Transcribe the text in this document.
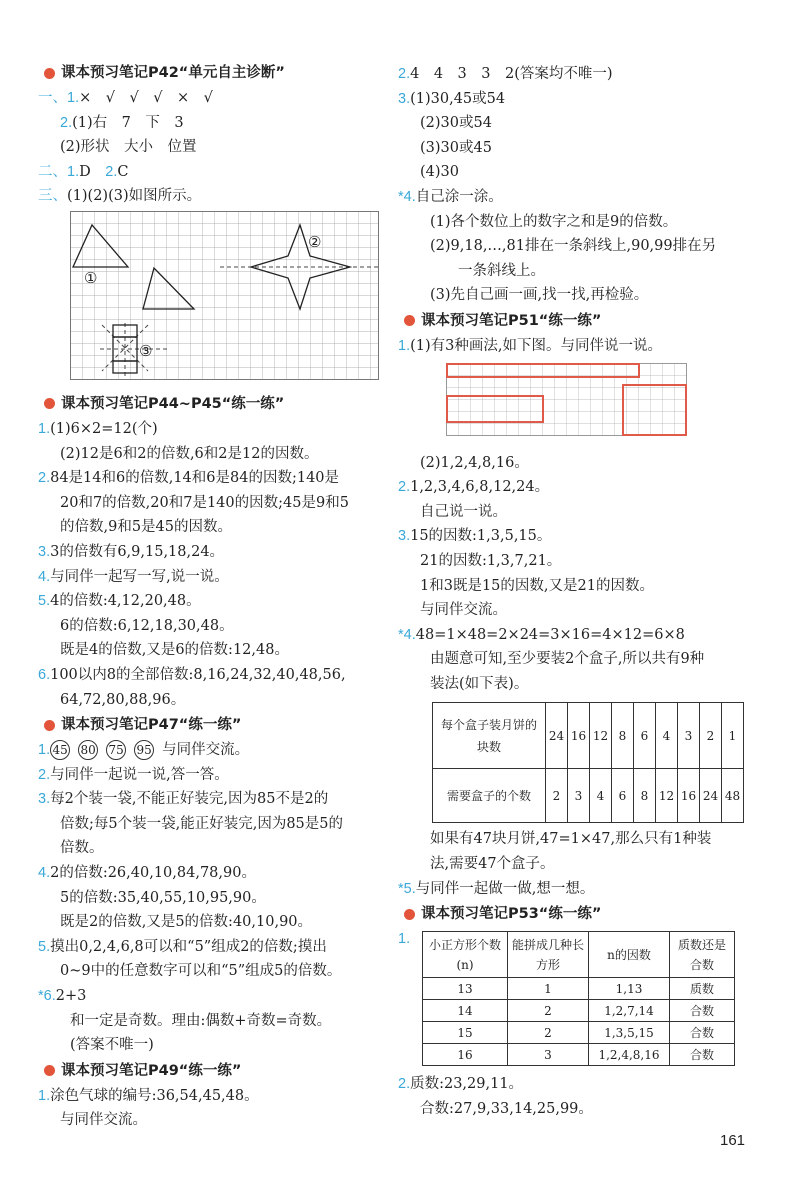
课本预习笔记P42“单元自主诊断”
一、1.×　√　√　√　×　√
2.(1)右　7　下　3
(2)形状　大小　位置
二、1.D　 2.C
三、(1)(2)(3)如图所示。
①
②
③
课本预习笔记P44~P45“练一练”
1.(1)6×2=12(个)
(2)12是6和2的倍数,6和2是12的因数。
2.84是14和6的倍数,14和6是84的因数;140是
20和7的倍数,20和7是140的因数;45是9和5
的倍数,9和5是45的因数。
3.3的倍数有6,9,15,18,24。
4.与同伴一起写一写,说一说。
5.4的倍数:4,12,20,48。
6的倍数:6,12,18,30,48。
既是4的倍数,又是6的倍数:12,48。
6.100以内8的全部倍数:8,16,24,32,40,48,56,
64,72,80,88,96。
课本预习笔记P47“练一练”
1. 45 80 75 95 与同伴交流。
2.与同伴一起说一说,答一答。
3.每2个装一袋,不能正好装完,因为85不是2的
倍数;每5个装一袋,能正好装完,因为85是5的
倍数。
4.2的倍数:26,40,10,84,78,90。
5的倍数:35,40,55,10,95,90。
既是2的倍数,又是5的倍数:40,10,90。
5.摸出0,2,4,6,8可以和“5”组成2的倍数;摸出
0~9中的任意数字可以和“5”组成5的倍数。
*6.2+3
和一定是奇数。理由:偶数+奇数=奇数。
(答案不唯一)
课本预习笔记P49“练一练”
1.涂色气球的编号:36,54,45,48。
与同伴交流。
2.4　4　3　3　2(答案均不唯一)
3.(1)30,45或54
(2)30或54
(3)30或45
(4)30
*4.自己涂一涂。
(1)各个数位上的数字之和是9的倍数。
(2)9,18,…,81排在一条斜线上,90,99排在另
一条斜线上。
(3)先自己画一画,找一找,再检验。
课本预习笔记P51“练一练”
1.(1)有3种画法,如下图。与同伴说一说。
(2)1,2,4,8,16。
2.1,2,3,4,6,8,12,24。
自己说一说。
3.15的因数:1,3,5,15。
21的因数:1,3,7,21。
1和3既是15的因数,又是21的因数。
与同伴交流。
*4.48=1×48=2×24=3×16=4×12=6×8
由题意可知,至少要装2个盒子,所以共有9种
装法(如下表)。
每个盒子装月饼的块数	24	16	12	8	6	4	3	2	1
需要盒子的个数	2	3	4	6	8	12	16	24	48
如果有47块月饼,47=1×47,那么只有1种装
法,需要47个盒子。
*5.与同伴一起做一做,想一想。
课本预习笔记P53“练一练”
1.	小正方形个数(n)	能拼成几种长方形	n的因数	质数还是合数
13	1	1,13	质数
14	2	1,2,7,14	合数
15	2	1,3,5,15	合数
16	3	1,2,4,8,16	合数
2.质数:23,29,11。
合数:27,9,33,14,25,99。
161
